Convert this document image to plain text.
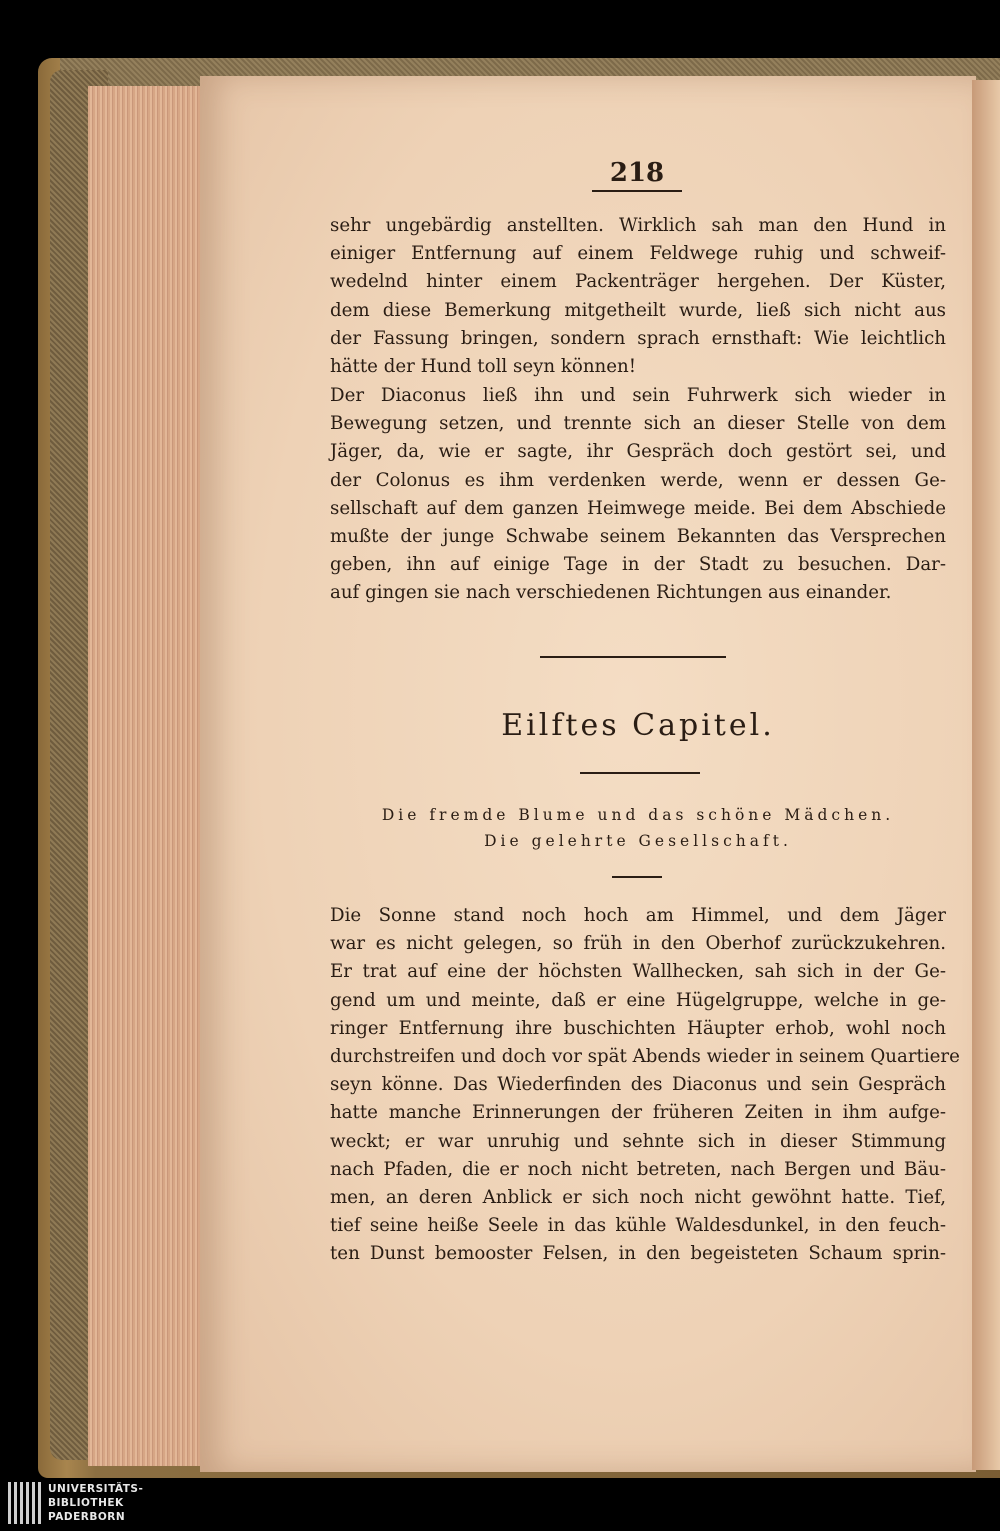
218
sehr ungebärdig anstellten. Wirklich sah man den Hund in
einiger Entfernung auf einem Feldwege ruhig und schweif-
wedelnd hinter einem Packenträger hergehen. Der Küster,
dem diese Bemerkung mitgetheilt wurde, ließ sich nicht aus
der Fassung bringen, sondern sprach ernsthaft: Wie leichtlich
hätte der Hund toll seyn können!
Der Diaconus ließ ihn und sein Fuhrwerk sich wieder in
Bewegung setzen, und trennte sich an dieser Stelle von dem
Jäger, da, wie er sagte, ihr Gespräch doch gestört sei, und
der Colonus es ihm verdenken werde, wenn er dessen Ge-
sellschaft auf dem ganzen Heimwege meide. Bei dem Abschiede
mußte der junge Schwabe seinem Bekannten das Versprechen
geben, ihn auf einige Tage in der Stadt zu besuchen. Dar-
auf gingen sie nach verschiedenen Richtungen aus einander.
Eilftes Capitel.
Die fremde Blume und das schöne Mädchen.
Die gelehrte Gesellschaft.
Die Sonne stand noch hoch am Himmel, und dem Jäger
war es nicht gelegen, so früh in den Oberhof zurückzukehren.
Er trat auf eine der höchsten Wallhecken, sah sich in der Ge-
gend um und meinte, daß er eine Hügelgruppe, welche in ge-
ringer Entfernung ihre buschichten Häupter erhob, wohl noch
durchstreifen und doch vor spät Abends wieder in seinem Quartiere
seyn könne. Das Wiederfinden des Diaconus und sein Gespräch
hatte manche Erinnerungen der früheren Zeiten in ihm aufge-
weckt; er war unruhig und sehnte sich in dieser Stimmung
nach Pfaden, die er noch nicht betreten, nach Bergen und Bäu-
men, an deren Anblick er sich noch nicht gewöhnt hatte. Tief,
tief seine heiße Seele in das kühle Waldesdunkel, in den feuch-
ten Dunst bemooster Felsen, in den begeisteten Schaum sprin-
UNIVERSITÄTS-
BIBLIOTHEK
PADERBORN
